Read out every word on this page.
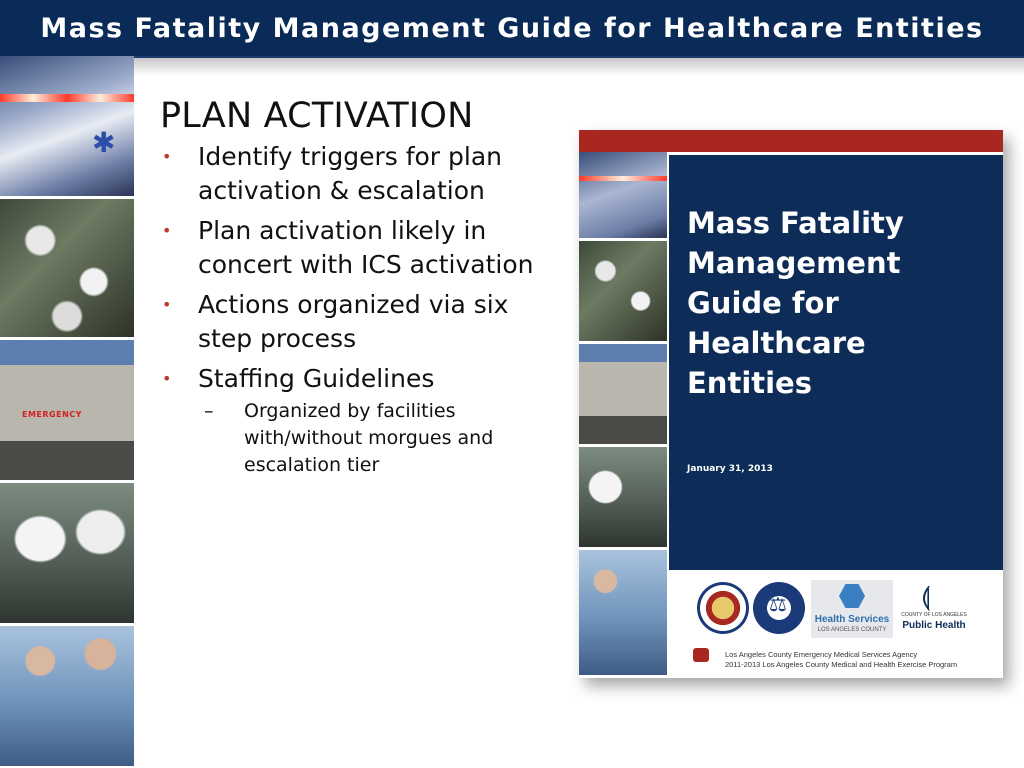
Mass Fatality Management Guide for Healthcare Entities
✱
EMERGENCY
PLAN ACTIVATION
• Identify triggers for plan activation & escalation
• Plan activation likely in concert with ICS activation
• Actions organized via six step process
• Staffing Guidelines
– Organized by facilities with/without morgues and escalation tier
Mass Fatality Management Guide for Healthcare Entities
January 31, 2013
⚖
Health Services
LOS ANGELES COUNTY
⟬
COUNTY OF LOS ANGELES
Public Health
Los Angeles County Emergency Medical Services Agency
2011-2013 Los Angeles County Medical and Health Exercise Program
